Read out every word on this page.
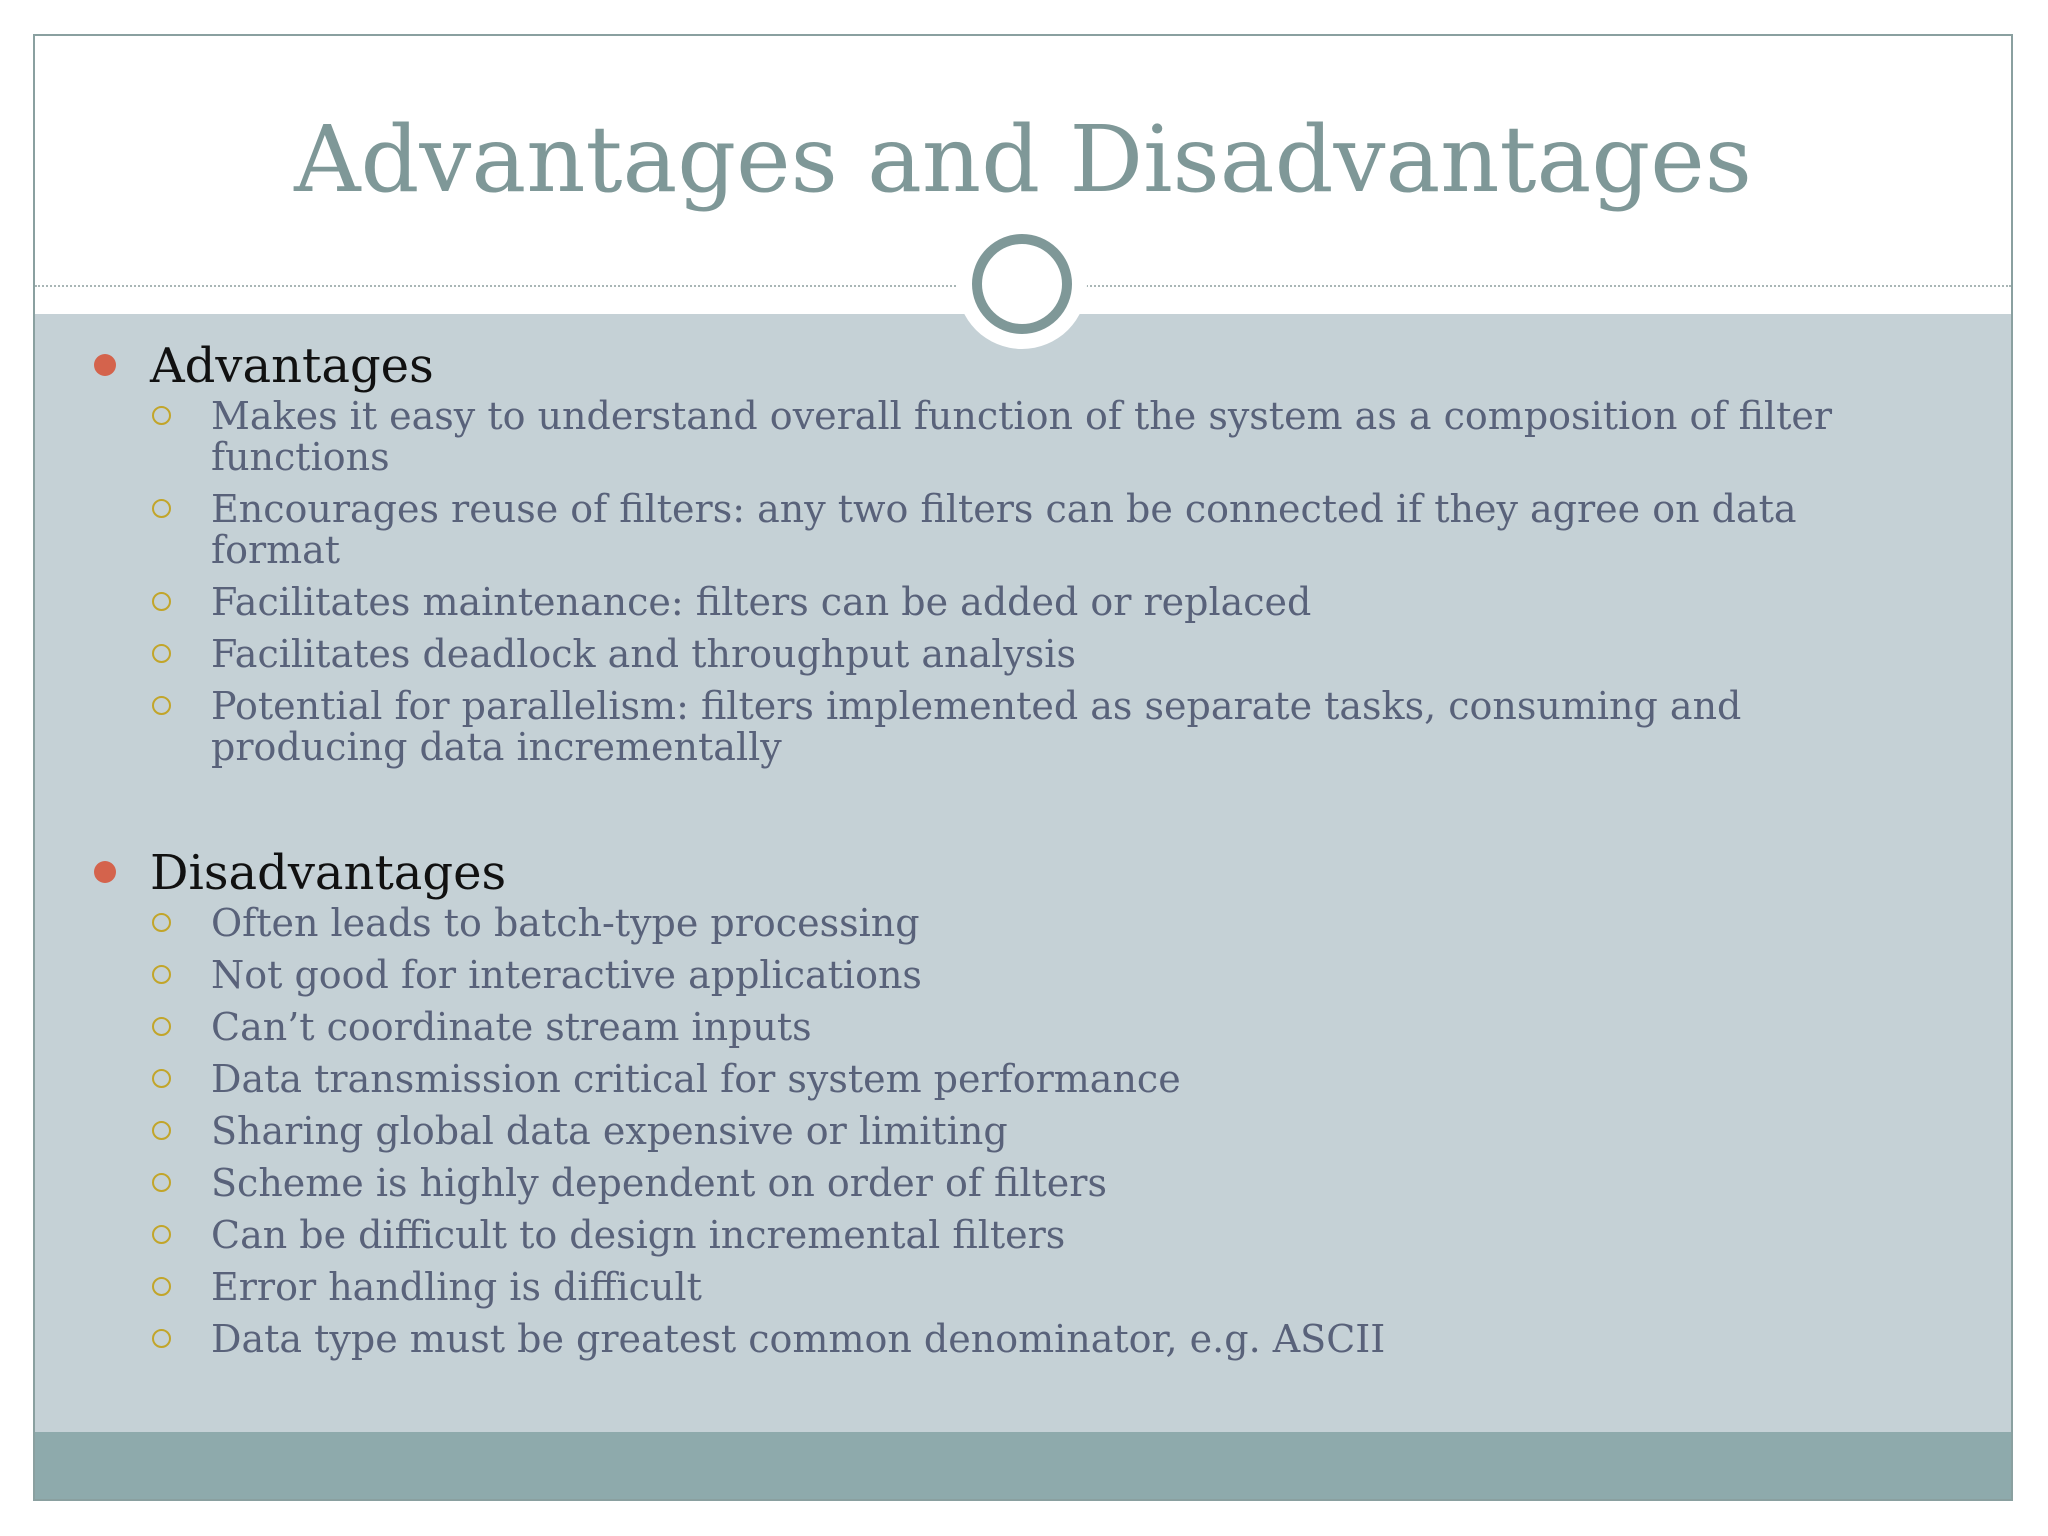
Advantages and Disadvantages
Advantages
Makes it easy to understand overall function of the system as a composition of filter functions
Encourages reuse of filters: any two filters can be connected if they agree on data format
Facilitates maintenance: filters can be added or replaced
Facilitates deadlock and throughput analysis
Potential for parallelism: filters implemented as separate tasks, consuming and producing data incrementally
Disadvantages
Often leads to batch-type processing
Not good for interactive applications
Can’t coordinate stream inputs
Data transmission critical for system performance
Sharing global data expensive or limiting
Scheme is highly dependent on order of filters
Can be difficult to design incremental filters
Error handling is difficult
Data type must be greatest common denominator, e.g. ASCII
